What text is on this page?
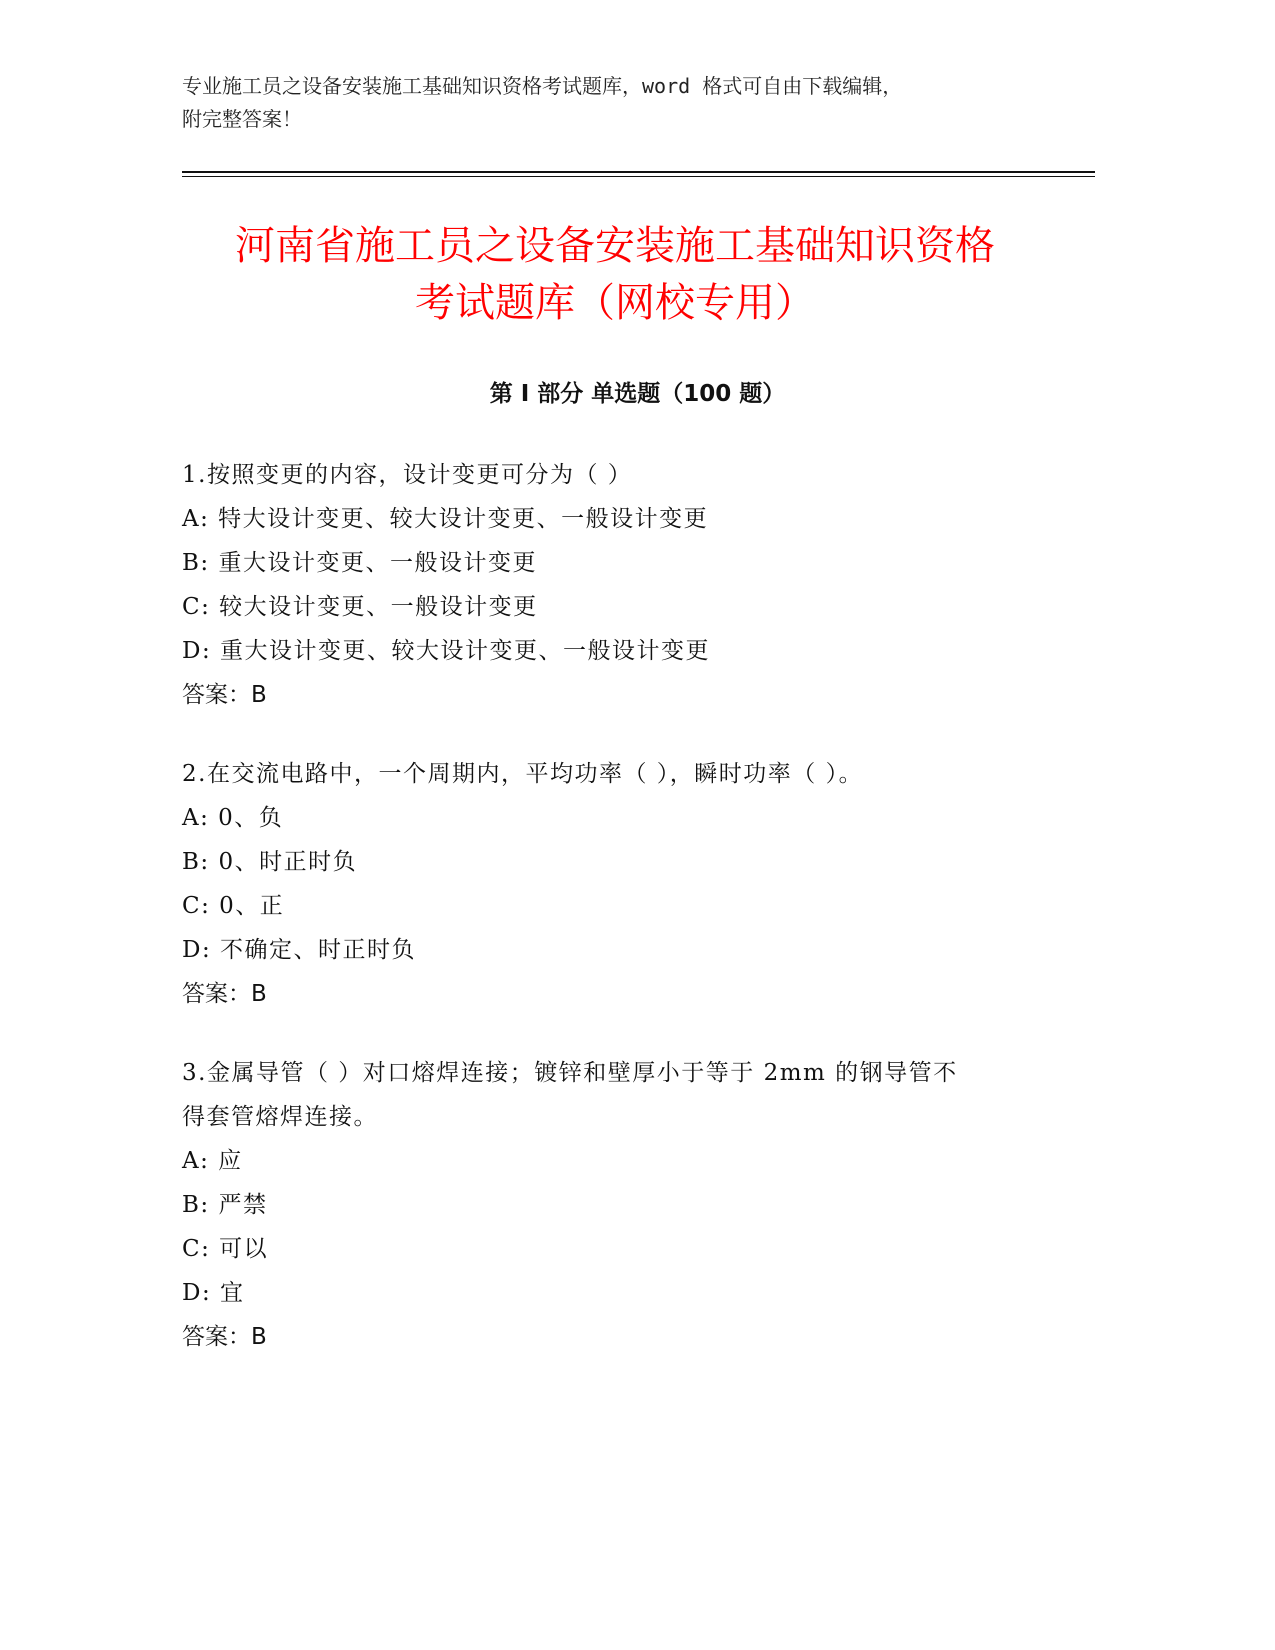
专业施工员之设备安装施工基础知识资格考试题库，word 格式可自由下载编辑，
附完整答案！
河南省施工员之设备安装施工基础知识资格
考试题库（网校专用）
第 I 部分 单选题（100 题）
1.按照变更的内容，设计变更可分为（ ）
A: 特大设计变更、较大设计变更、一般设计变更
B: 重大设计变更、一般设计变更
C: 较大设计变更、一般设计变更
D: 重大设计变更、较大设计变更、一般设计变更
答案：B
2.在交流电路中，一个周期内，平均功率（ ），瞬时功率（ ）。
A: 0、负
B: 0、时正时负
C: 0、正
D: 不确定、时正时负
答案：B
3.金属导管（ ）对口熔焊连接；镀锌和壁厚小于等于 2mm 的钢导管不
得套管熔焊连接。
A: 应
B: 严禁
C: 可以
D: 宜
答案：B
